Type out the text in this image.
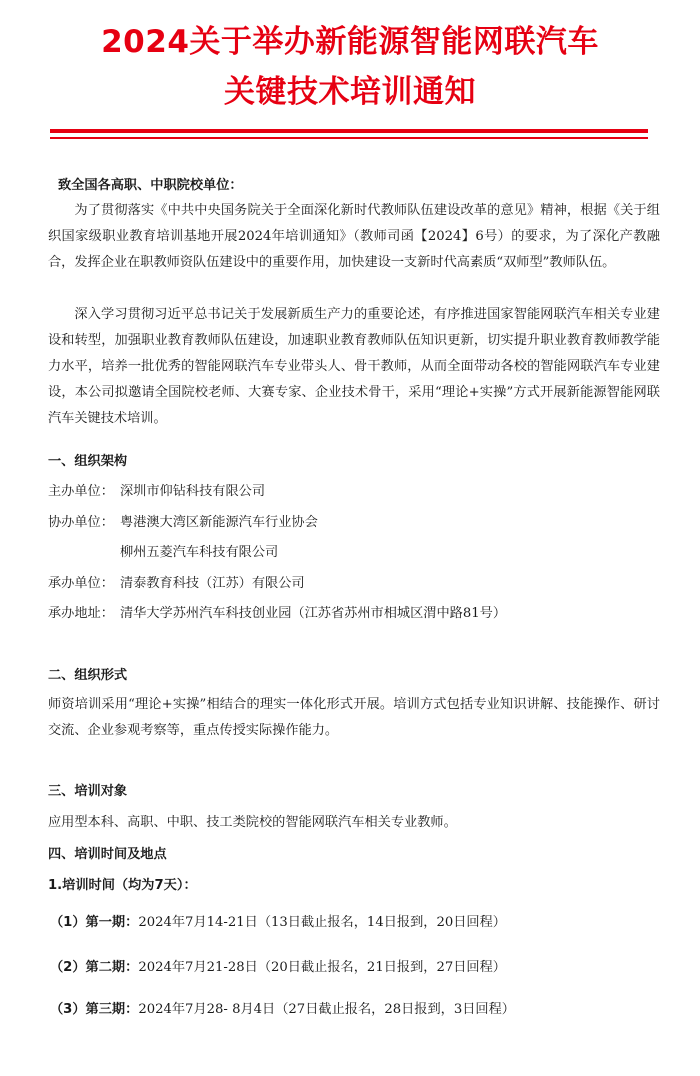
2024关于举办新能源智能网联汽车
关键技术培训通知
致全国各高职、中职院校单位：
为了贯彻落实《中共中央国务院关于全面深化新时代教师队伍建设改革的意见》精神，根据《关于组织国家级职业教育培训基地开展2024年培训通知》（教师司函【2024】6号）的要求，为了深化产教融合，发挥企业在职教师资队伍建设中的重要作用，加快建设一支新时代高素质“双师型”教师队伍。
深入学习贯彻习近平总书记关于发展新质生产力的重要论述，有序推进国家智能网联汽车相关专业建设和转型，加强职业教育教师队伍建设，加速职业教育教师队伍知识更新，切实提升职业教育教师教学能力水平，培养一批优秀的智能网联汽车专业带头人、骨干教师，从而全面带动各校的智能网联汽车专业建设，本公司拟邀请全国院校老师、大赛专家、企业技术骨干，采用“理论+实操”方式开展新能源智能网联汽车关键技术培训。
一、组织架构
主办单位： 深圳市仰钻科技有限公司
协办单位： 粤港澳大湾区新能源汽车行业协会
柳州五菱汽车科技有限公司
承办单位： 清泰教育科技（江苏）有限公司
承办地址： 清华大学苏州汽车科技创业园（江苏省苏州市相城区渭中路81号）
二、组织形式
师资培训采用“理论+实操”相结合的理实一体化形式开展。培训方式包括专业知识讲解、技能操作、研讨交流、企业参观考察等，重点传授实际操作能力。
三、培训对象
应用型本科、高职、中职、技工类院校的智能网联汽车相关专业教师。
四、培训时间及地点
1.培训时间（均为7天）：
（1）第一期：2024年7月14-21日（13日截止报名，14日报到，20日回程）
（2）第二期：2024年7月21-28日（20日截止报名，21日报到，27日回程）
（3）第三期：2024年7月28- 8月4日（27日截止报名，28日报到，3日回程）
